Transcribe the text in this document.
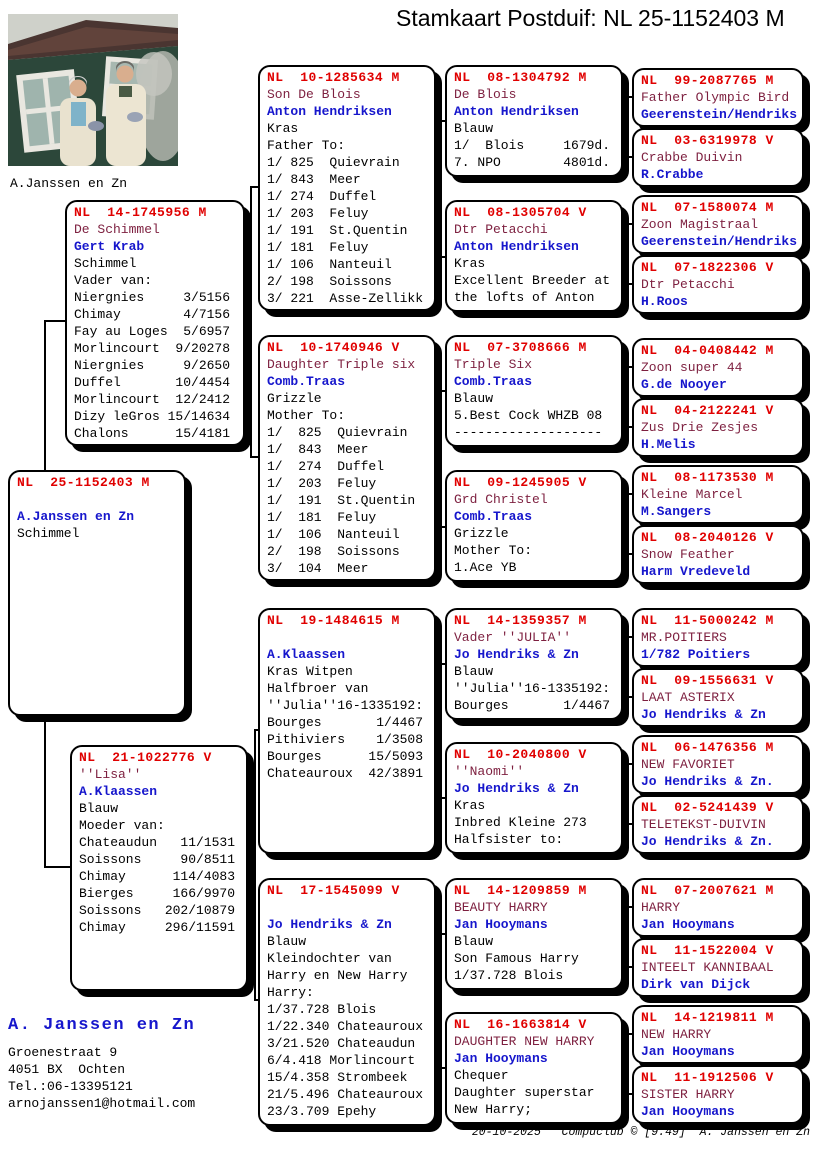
Stamkaart Postduif: NL 25-1152403 M
A.Janssen en Zn
NL  25-1152403 M

A.Janssen en Zn
Schimmel
NL  14-1745956 M
De Schimmel
Gert Krab
Schimmel
Vader van:
Niergnies     3/5156
Chimay        4/7156
Fay au Loges  5/6957
Morlincourt  9/20278
Niergnies     9/2650
Duffel       10/4454
Morlincourt  12/2412
Dizy leGros 15/14634
Chalons      15/4181
NL  21-1022776 V
''Lisa''
A.Klaassen
Blauw
Moeder van:
Chateaudun   11/1531
Soissons     90/8511
Chimay      114/4083
Bierges     166/9970
Soissons   202/10879
Chimay     296/11591
NL  10-1285634 M
Son De Blois
Anton Hendriksen
Kras
Father To:
1/ 825  Quievrain
1/ 843  Meer
1/ 274  Duffel
1/ 203  Feluy
1/ 191  St.Quentin
1/ 181  Feluy
1/ 106  Nanteuil
2/ 198  Soissons
3/ 221  Asse-Zellikk
NL  10-1740946 V
Daughter Triple six
Comb.Traas
Grizzle
Mother To:
1/  825  Quievrain
1/  843  Meer
1/  274  Duffel
1/  203  Feluy
1/  191  St.Quentin
1/  181  Feluy
1/  106  Nanteuil
2/  198  Soissons
3/  104  Meer
NL  19-1484615 M

A.Klaassen
Kras Witpen
Halfbroer van
''Julia''16-1335192:
Bourges       1/4467
Pithiviers    1/3508
Bourges      15/5093
Chateauroux  42/3891
NL  17-1545099 V

Jo Hendriks & Zn
Blauw
Kleindochter van
Harry en New Harry
Harry:
1/37.728 Blois
1/22.340 Chateauroux
3/21.520 Chateaudun
6/4.418 Morlincourt
15/4.358 Strombeek
21/5.496 Chateauroux
23/3.709 Epehy
NL  08-1304792 M
De Blois
Anton Hendriksen
Blauw
1/  Blois     1679d.
7. NPO        4801d.
NL  08-1305704 V
Dtr Petacchi
Anton Hendriksen
Kras
Excellent Breeder at
the lofts of Anton
NL  07-3708666 M
Triple Six
Comb.Traas
Blauw
5.Best Cock WHZB 08
-------------------
NL  09-1245905 V
Grd Christel
Comb.Traas
Grizzle
Mother To:
1.Ace YB
NL  14-1359357 M
Vader ''JULIA''
Jo Hendriks & Zn
Blauw
''Julia''16-1335192:
Bourges       1/4467
NL  10-2040800 V
''Naomi''
Jo Hendriks & Zn
Kras
Inbred Kleine 273
Halfsister to:
NL  14-1209859 M
BEAUTY HARRY
Jan Hooymans
Blauw
Son Famous Harry
1/37.728 Blois
NL  16-1663814 V
DAUGHTER NEW HARRY
Jan Hooymans
Chequer
Daughter superstar
New Harry;
NL  99-2087765 M
Father Olympic Bird
Geerenstein/Hendriks
NL  03-6319978 V
Crabbe Duivin
R.Crabbe
NL  07-1580074 M
Zoon Magistraal
Geerenstein/Hendriks
NL  07-1822306 V
Dtr Petacchi
H.Roos
NL  04-0408442 M
Zoon super 44
G.de Nooyer
NL  04-2122241 V
Zus Drie Zesjes
H.Melis
NL  08-1173530 M
Kleine Marcel
M.Sangers
NL  08-2040126 V
Snow Feather
Harm Vredeveld
NL  11-5000242 M
MR.POITIERS
1/782 Poitiers
NL  09-1556631 V
LAAT ASTERIX
Jo Hendriks & Zn
NL  06-1476356 M
NEW FAVORIET
Jo Hendriks & Zn.
NL  02-5241439 V
TELETEKST-DUIVIN
Jo Hendriks & Zn.
NL  07-2007621 M
HARRY
Jan Hooymans
NL  11-1522004 V
INTEELT KANNIBAAL
Dirk van Dijck
NL  14-1219811 M
NEW HARRY
Jan Hooymans
NL  11-1912506 V
SISTER HARRY
Jan Hooymans
A. Janssen en Zn
Groenestraat 9
4051 BX  Ochten
Tel.:06-13395121
arnojanssen1@hotmail.com
20-10-2025   Compuclub © [9.49]  A. Janssen en Zn
